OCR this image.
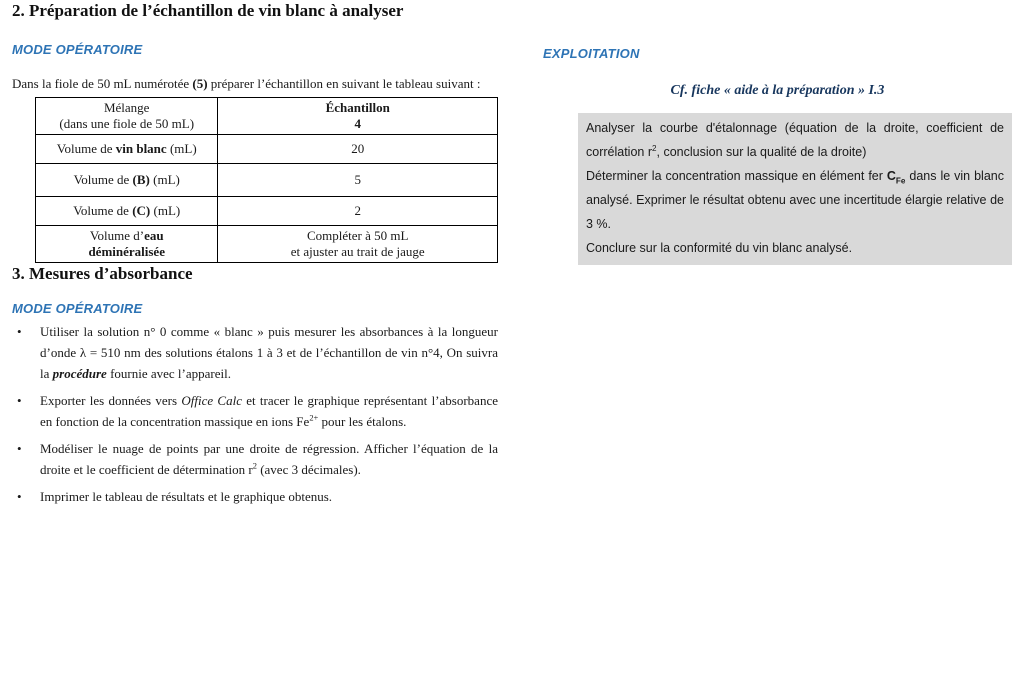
2. Préparation de l’échantillon de vin blanc à analyser
MODE OPÉRATOIRE

Dans la fiole de 50 mL numérotée (5) préparer l’échantillon en suivant le tableau suivant :

Mélange
(dans une fiole de 50 mL)	Échantillon
4
Volume de vin blanc (mL)	20
Volume de (B) (mL)	5
Volume de (C) (mL)	2
Volume d’eau
déminéralisée	Compléter à 50 mL
et ajuster au trait de jauge
3. Mesures d’absorbance
MODE OPÉRATOIRE
• Utiliser la solution n° 0 comme « blanc » puis mesurer les absorbances à la longueur d’onde λ = 510 nm des solutions étalons 1 à 3 et de l’échantillon de vin n°4, On suivra la procédure fournie avec l’appareil.
• Exporter les données vers Office Calc et tracer le graphique représentant l’absorbance en fonction de la concentration massique en ions $Fe^{2+}$ pour les étalons.
• Modéliser le nuage de points par une droite de régression. Afficher l’équation de la droite et le coefficient de détermination $r^2$ (avec 3 décimales).
• Imprimer le tableau de résultats et le graphique obtenus.
EXPLOITATION
Cf. fiche « aide à la préparation » I.3

Analyser la courbe d'étalonnage (équation de la droite, coefficient de corrélation $r^2$, conclusion sur la qualité de la droite)

Déterminer la concentration massique en élément fer $C_{Fe}$ dans le vin blanc analysé. Exprimer le résultat obtenu avec une incertitude élargie relative de 3 %.

Conclure sur la conformité du vin blanc analysé.
